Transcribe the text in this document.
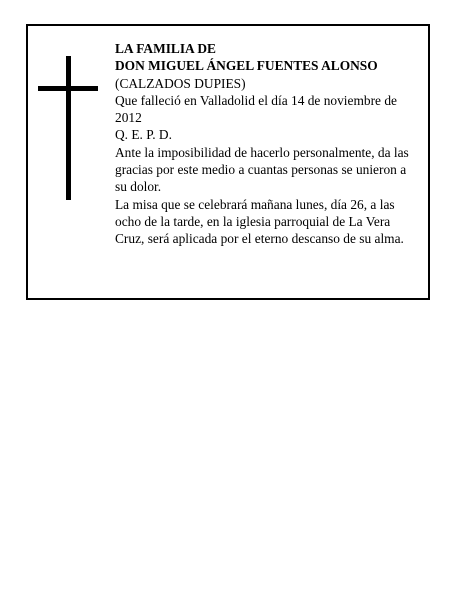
LA FAMILIA DE

DON MIGUEL ÁNGEL FUENTES ALONSO

(CALZADOS DUPIES)

Que falleció en Valladolid el día 14 de noviembre de 2012

Q. E. P. D.

Ante la imposibilidad de hacerlo personalmente, da las gracias por este medio a cuantas personas se unieron a su dolor.

La misa que se celebrará mañana lunes, día 26, a las ocho de la tarde, en la iglesia parroquial de La Vera Cruz, será aplicada por el eterno descanso de su alma.
